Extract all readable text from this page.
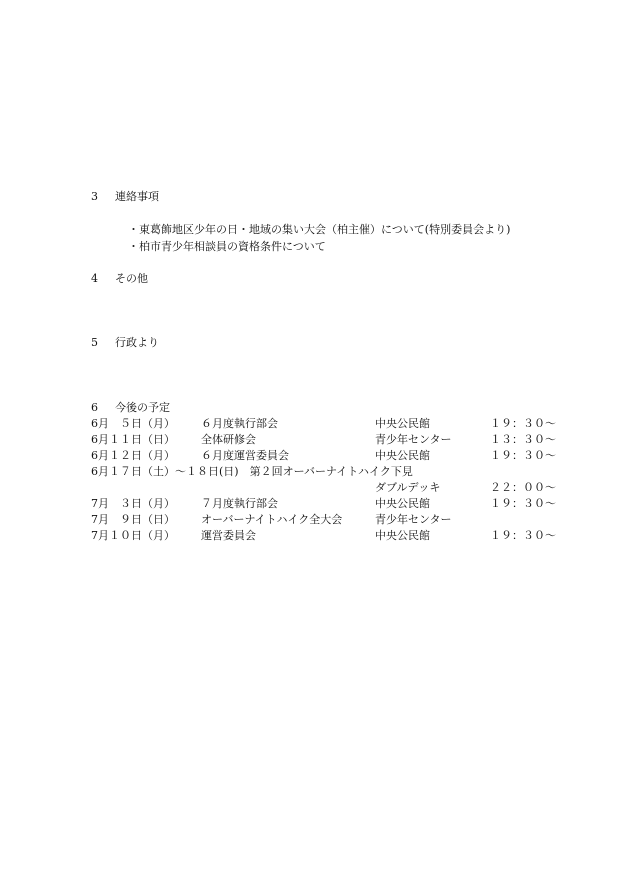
3 連絡事項
・東葛飾地区少年の日・地域の集い大会（柏主催）について(特別委員会より)
・柏市青少年相談員の資格条件について
4 その他
5 行政より
6 今後の予定
6月　５日（月） ６月度執行部会	中央公民館	１９：３０～
6月１１日（日） 全体研修会	青少年センター	１３：３０～
6月１２日（月） ６月度運営委員会	中央公民館	１９：３０～
6月１７日（土）～１８日(日)　第２回オーバーナイトハイク下見
ダブルデッキ	２２：００～
7月　３日（月） ７月度執行部会	中央公民館	１９：３０～
7月　９日（日） オーバーナイトハイク全大会	青少年センター
7月１０日（月） 運営委員会	中央公民館	１９：３０～
